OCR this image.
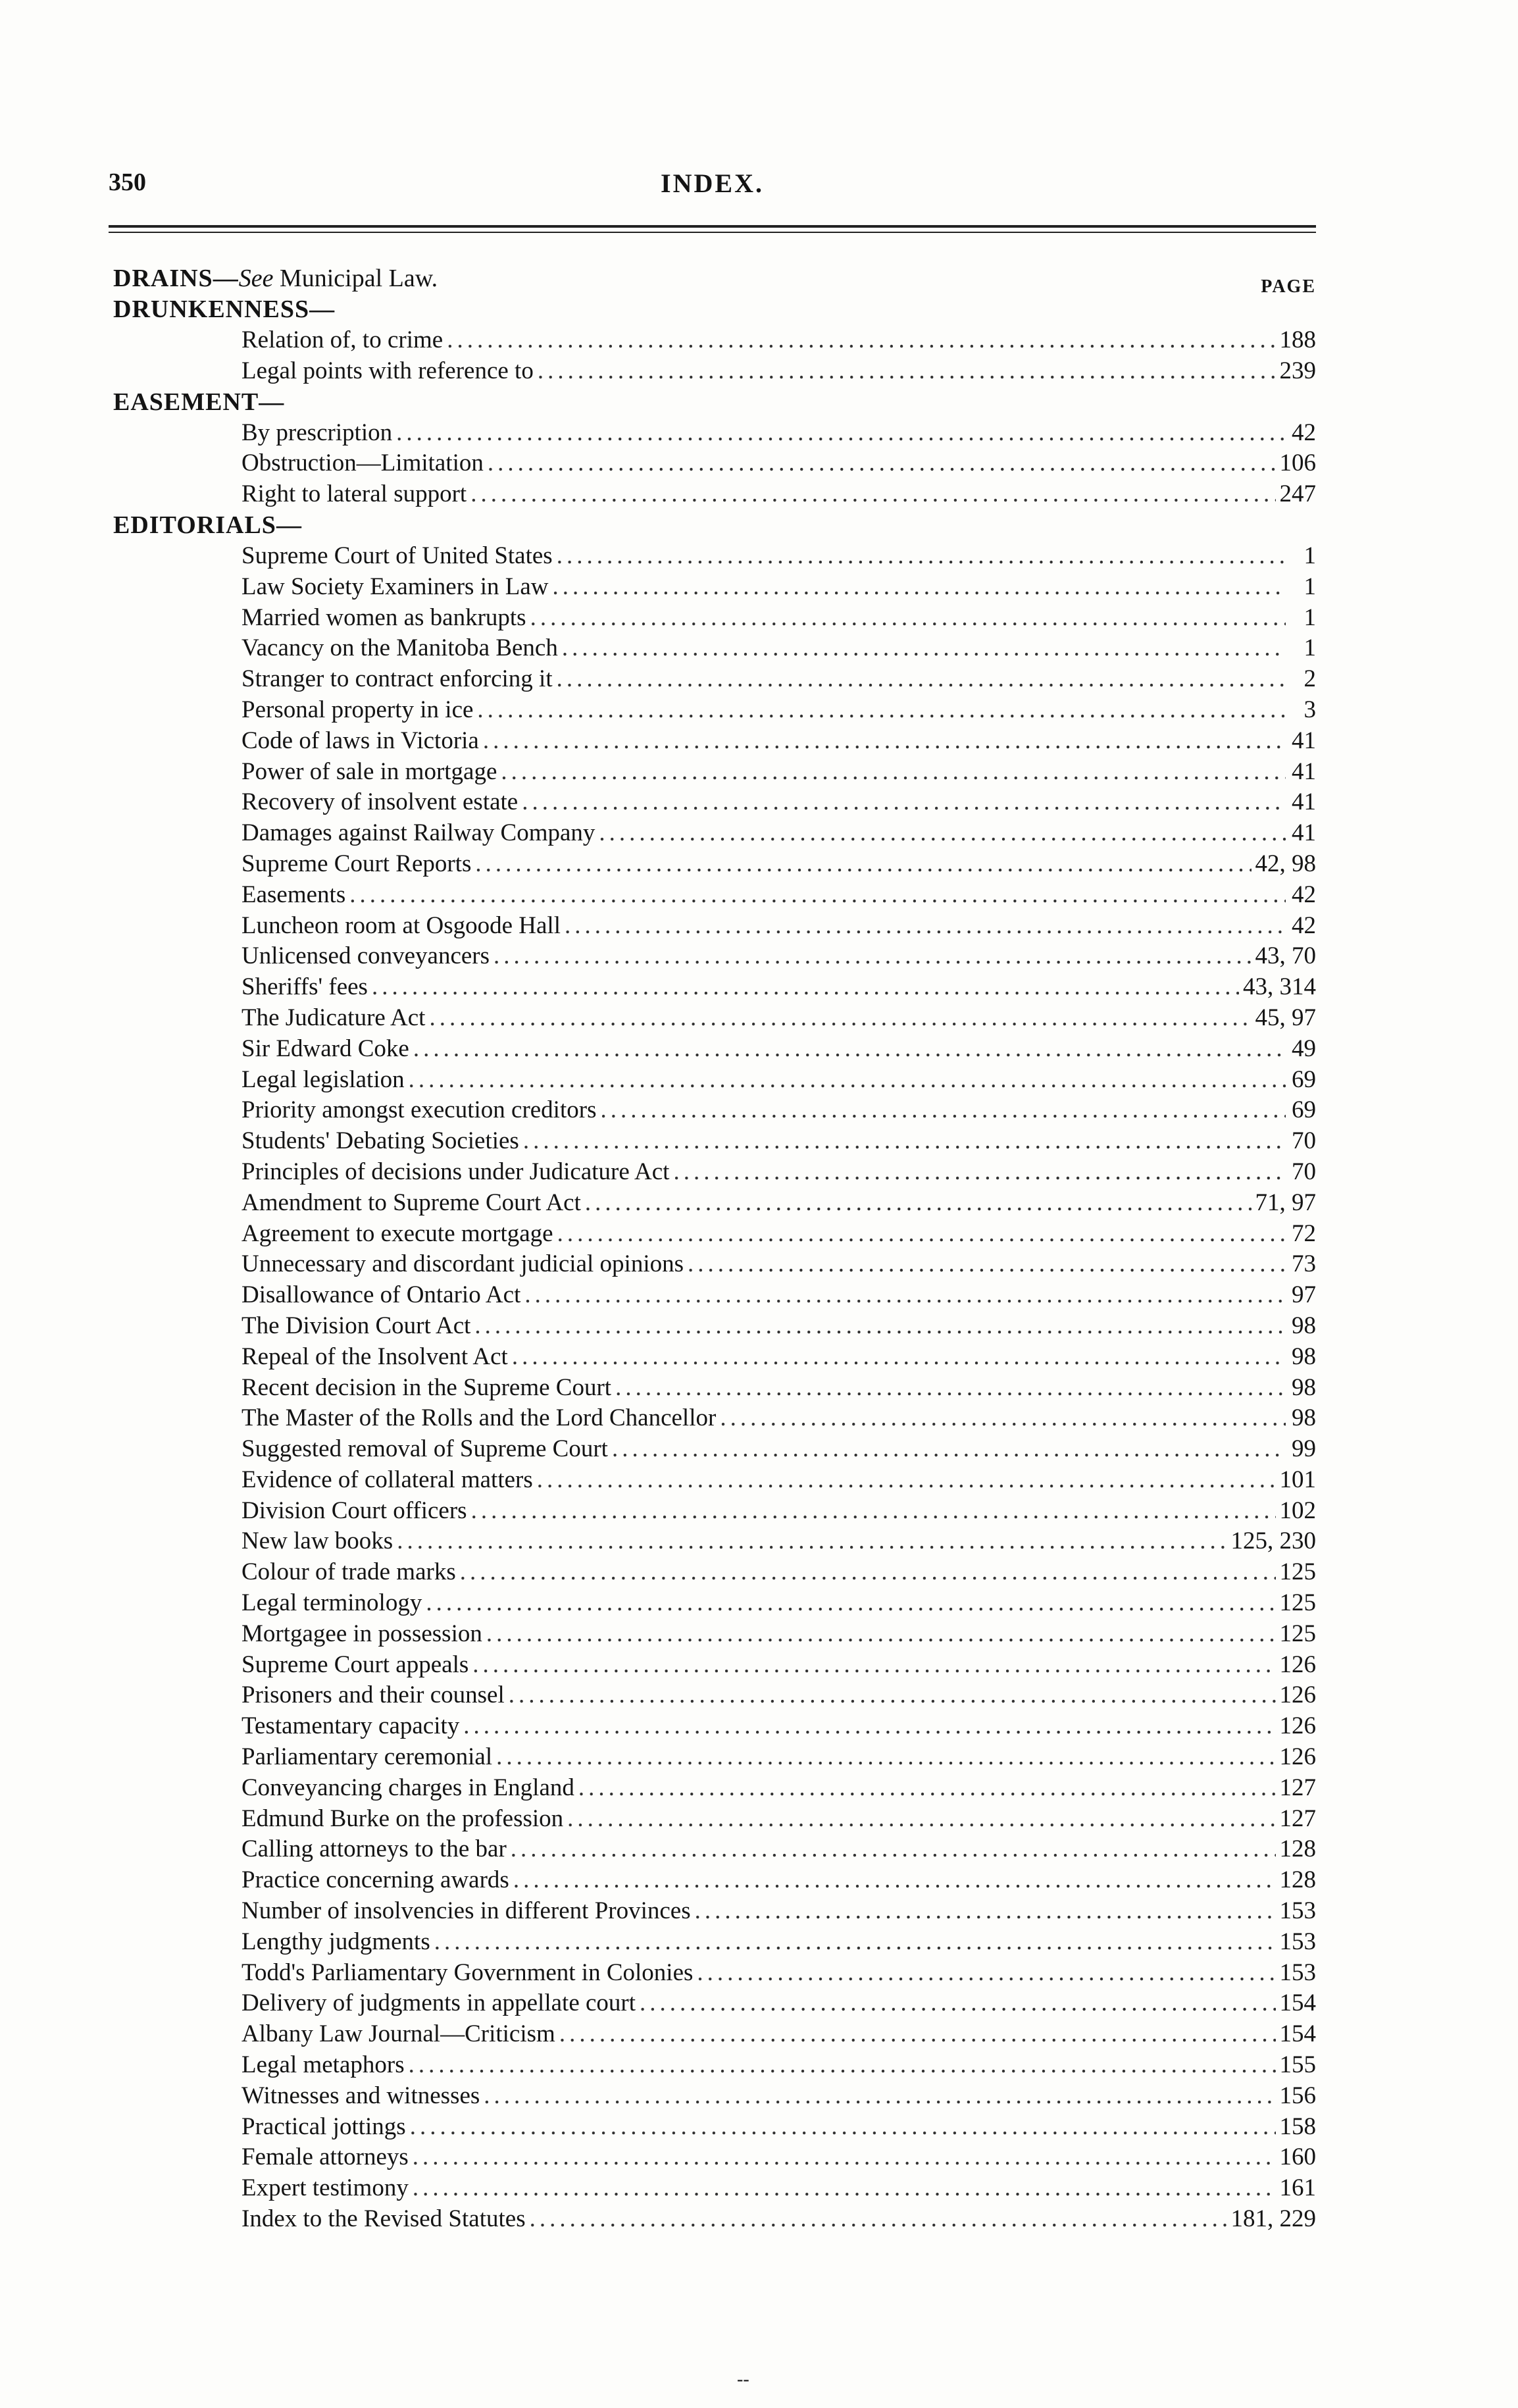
350	INDEX.
PAGE
DRAINS—See Municipal Law.
DRUNKENNESS—
Relation of, to crime .....	188
Legal points with reference to .....	239
EASEMENT—
By prescription .....	42
Obstruction—Limitation .....	106
Right to lateral support .....	247
EDITORIALS—
Supreme Court of United States .....	1
Law Society Examiners in Law .....	1
Married women as bankrupts .....	1
Vacancy on the Manitoba Bench .....	1
Stranger to contract enforcing it .....	2
Personal property in ice .....	3
Code of laws in Victoria .....	41
Power of sale in mortgage .....	41
Recovery of insolvent estate .....	41
Damages against Railway Company .....	41
Supreme Court Reports .....	42, 98
Easements .....	42
Luncheon room at Osgoode Hall .....	42
Unlicensed conveyancers .....	43, 70
Sheriffs' fees .....	43, 314
The Judicature Act .....	45, 97
Sir Edward Coke .....	49
Legal legislation .....	69
Priority amongst execution creditors .....	69
Students' Debating Societies .....	70
Principles of decisions under Judicature Act .....	70
Amendment to Supreme Court Act .....	71, 97
Agreement to execute mortgage .....	72
Unnecessary and discordant judicial opinions .....	73
Disallowance of Ontario Act .....	97
The Division Court Act .....	98
Repeal of the Insolvent Act .....	98
Recent decision in the Supreme Court .....	98
The Master of the Rolls and the Lord Chancellor .....	98
Suggested removal of Supreme Court .....	99
Evidence of collateral matters .....	101
Division Court officers .....	102
New law books .....	125, 230
Colour of trade marks .....	125
Legal terminology .....	125
Mortgagee in possession .....	125
Supreme Court appeals .....	126
Prisoners and their counsel .....	126
Testamentary capacity .....	126
Parliamentary ceremonial .....	126
Conveyancing charges in England .....	127
Edmund Burke on the profession .....	127
Calling attorneys to the bar .....	128
Practice concerning awards .....	128
Number of insolvencies in different Provinces .....	153
Lengthy judgments .....	153
Todd's Parliamentary Government in Colonies .....	153
Delivery of judgments in appellate court .....	154
Albany Law Journal—Criticism .....	154
Legal metaphors .....	155
Witnesses and witnesses .....	156
Practical jottings .....	158
Female attorneys .....	160
Expert testimony .....	161
Index to the Revised Statutes .....	181, 229
--
